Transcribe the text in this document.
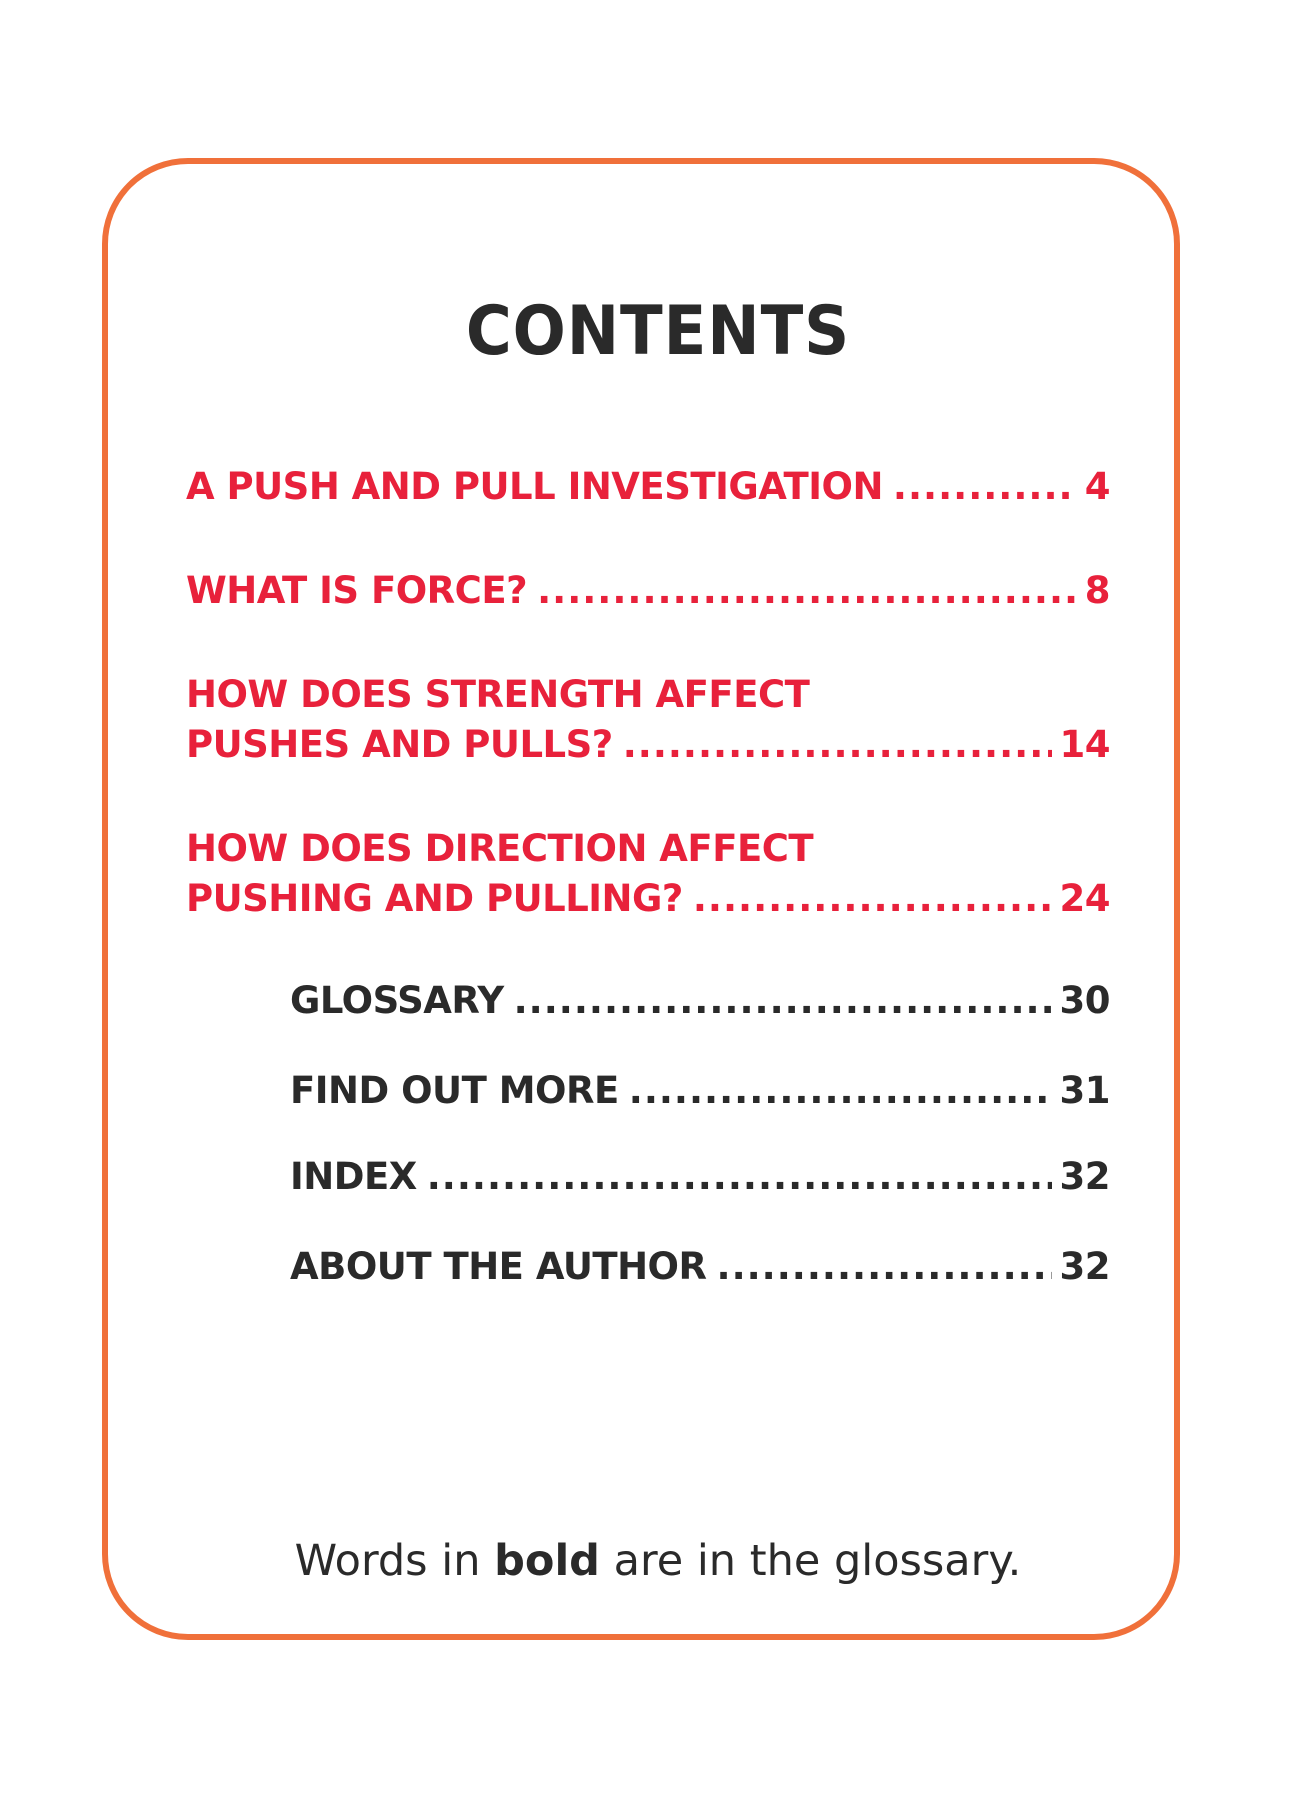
CONTENTS
A PUSH AND PULL INVESTIGATION .....	4
WHAT IS FORCE? .....	8
HOW DOES STRENGTH AFFECT
PUSHES AND PULLS? .....	14
HOW DOES DIRECTION AFFECT
PUSHING AND PULLING? .....	24
GLOSSARY .....	30
FIND OUT MORE .....	31
INDEX .....	32
ABOUT THE AUTHOR .....	32
Words in bold are in the glossary.
